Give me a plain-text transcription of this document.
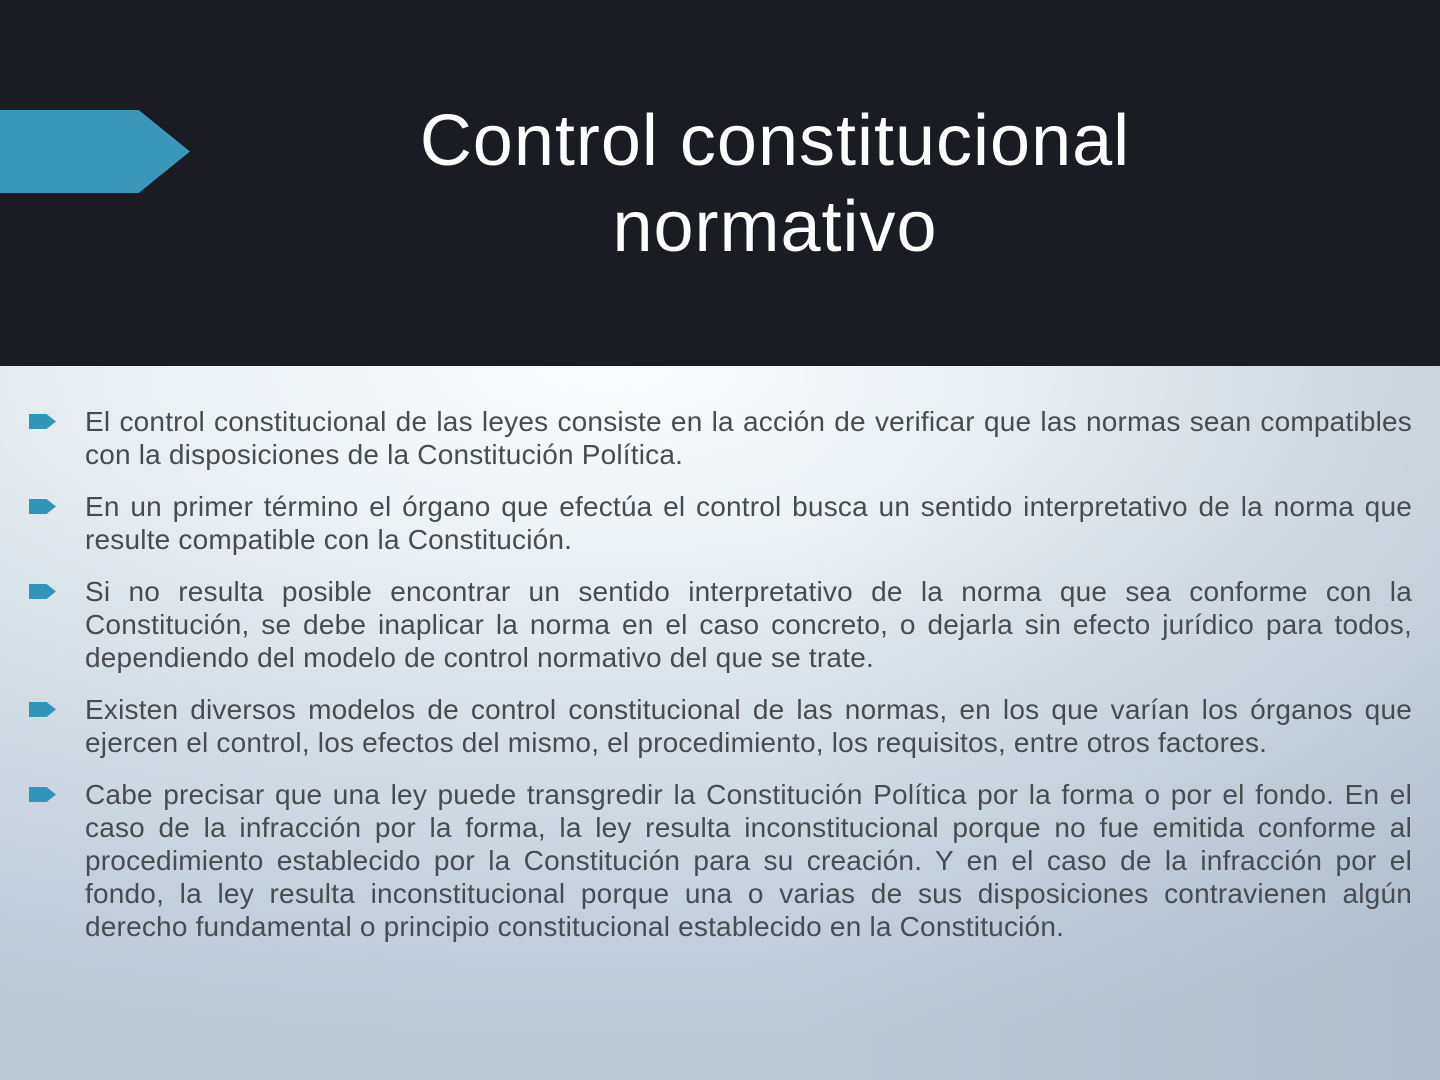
Control constitucional
normativo
El control constitucional de las leyes consiste en la acción de verificar que las normas sean compatibles con la disposiciones de la Constitución Política.
En un primer término el órgano que efectúa el control busca un sentido interpretativo de la norma que resulte compatible con la Constitución.
Si no resulta posible encontrar un sentido interpretativo de la norma que sea conforme con la Constitución, se debe inaplicar la norma en el caso concreto, o dejarla sin efecto jurídico para todos, dependiendo del modelo de control normativo del que se trate.
Existen diversos modelos de control constitucional de las normas, en los que varían los órganos que ejercen el control, los efectos del mismo, el procedimiento, los requisitos, entre otros factores.
Cabe precisar que una ley puede transgredir la Constitución Política por la forma o por el fondo. En el caso de la infracción por la forma, la ley resulta inconstitucional porque no fue emitida conforme al procedimiento establecido por la Constitución para su creación. Y en el caso de la infracción por el fondo, la ley resulta inconstitucional porque una o varias de sus disposiciones contravienen algún derecho fundamental o principio constitucional establecido en la Constitución.
